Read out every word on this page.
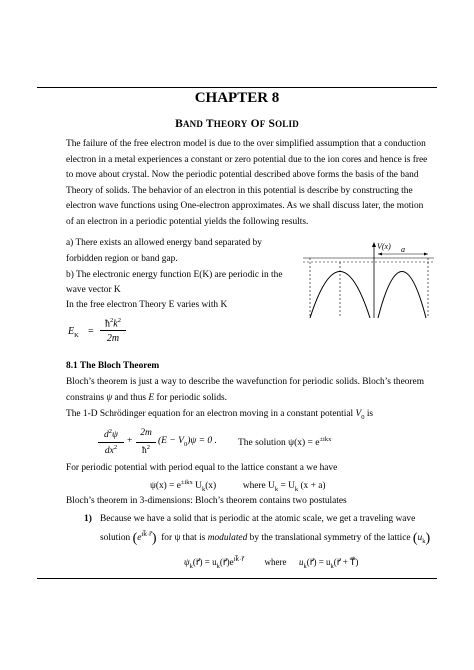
CHAPTER 8
BAND THEORY OF SOLID
The failure of the free electron model is due to the over simplified assumption that a conduction
electron in a metal experiences a constant or zero potential due to the ion cores and hence is free
to move about crystal. Now the periodic potential described above forms the basis of the band
Theory of solids. The behavior of an electron in this potential is describe by constructing the
electron wave functions using One-electron approximates. As we shall discuss later, the motion
of an electron in a periodic potential yields the following results.
a) There exists an allowed energy band separated by
forbidden region or band gap.
b) The electronic energy function E(K) are periodic in the
wave vector K
In the free electron Theory E varies with K
V(x) a
$E_K$ =
$ħ^2k^2$
2m
8.1 The Bloch Theorem
Bloch’s theorem is just a way to describe the wavefunction for periodic solids. Bloch’s theorem
constrains ψ and thus E for periodic solids.
The 1-D Schrödinger equation for an electron moving in a constant potential $V_0$ is
$d^2\psi$
$dx^2$
+
2m
$ħ^2$
$(E - V_0)\psi = 0$ . The solution $\psi(x) = e^{\pm ikx}$
For periodic potential with period equal to the lattice constant a we have
$\psi(x) = e^{\pm ikx}$ $U_k(x)$	where $U_k = U_k$ (x + a)
Bloch’s theorem in 3-dimensions: Bloch’s theorem contains two postulates
1) Because we have a solid that is periodic at the atomic scale, we get a traveling wave
solution $(e^{ik⃗\cdot r⃗})$ for ψ that is modulated by the translational symmetry of the lattice $(u_k)$
$\psi_k(r⃗)$ = $u_k(r⃗)e^{ik⃗\cdot r⃗}$ where $u_k(r⃗)$ = $u_k(r⃗$ + T⃗)
